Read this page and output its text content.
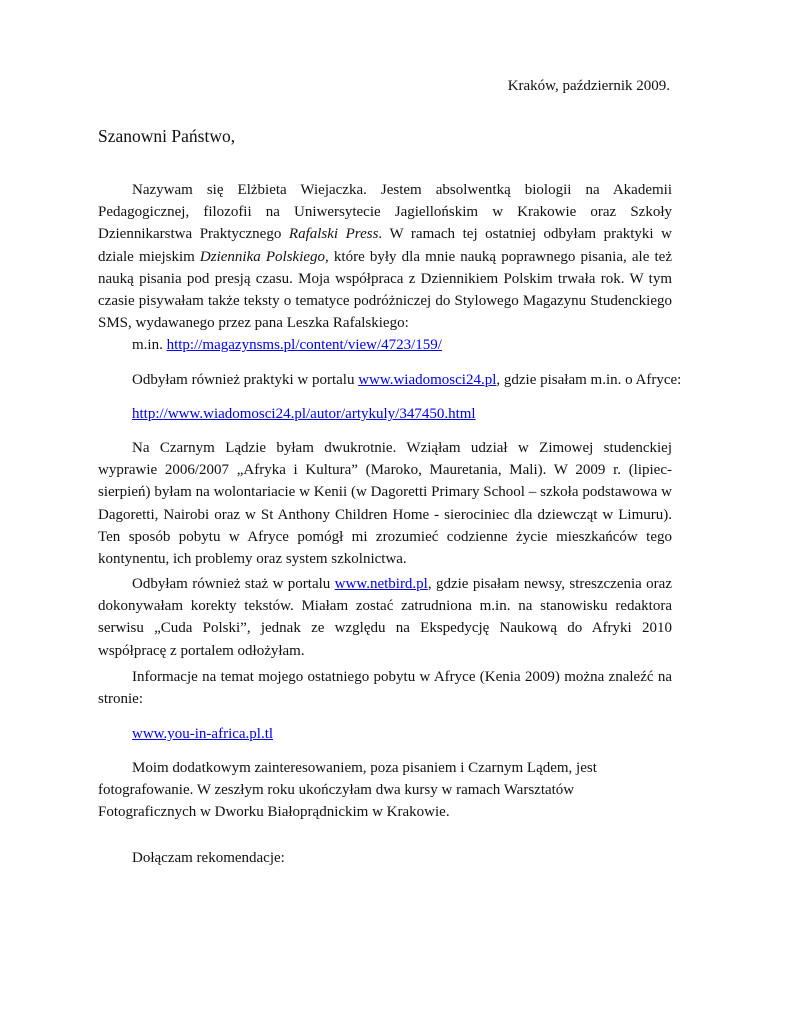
Kraków, październik 2009.
Szanowni Państwo,

Nazywam się Elżbieta Wiejaczka. Jestem absolwentką biologii na Akademii Pedagogicznej, filozofii na Uniwersytecie Jagiellońskim w Krakowie oraz Szkoły Dziennikarstwa Praktycznego Rafalski Press. W ramach tej ostatniej odbyłam praktyki w dziale miejskim Dziennika Polskiego, które były dla mnie nauką poprawnego pisania, ale też nauką pisania pod presją czasu. Moja współpraca z Dziennikiem Polskim trwała rok. W tym czasie pisywałam także teksty o tematyce podróżniczej do Stylowego Magazynu Studenckiego SMS, wydawanego przez pana Leszka Rafalskiego:

m.in. http://magazynsms.pl/content/view/4723/159/

Odbyłam również praktyki w portalu www.wiadomosci24.pl, gdzie pisałam m.in. o Afryce:

http://www.wiadomosci24.pl/autor/artykuly/347450.html

Na Czarnym Lądzie byłam dwukrotnie. Wziąłam udział w Zimowej studenckiej wyprawie 2006/2007 „Afryka i Kultura” (Maroko, Mauretania, Mali). W 2009 r. (lipiec-sierpień) byłam na wolontariacie w Kenii (w Dagoretti Primary School – szkoła podstawowa w Dagoretti, Nairobi oraz w St Anthony Children Home - sierociniec dla dziewcząt w Limuru). Ten sposób pobytu w Afryce pomógł mi zrozumieć codzienne życie mieszkańców tego kontynentu, ich problemy oraz system szkolnictwa.

Odbyłam również staż w portalu www.netbird.pl, gdzie pisałam newsy, streszczenia oraz dokonywałam korekty tekstów. Miałam zostać zatrudniona m.in. na stanowisku redaktora serwisu „Cuda Polski”, jednak ze względu na Ekspedycję Naukową do Afryki 2010 współpracę z portalem odłożyłam.

Informacje na temat mojego ostatniego pobytu w Afryce (Kenia 2009) można znaleźć na stronie:

www.you-in-africa.pl.tl

Moim dodatkowym zainteresowaniem, poza pisaniem i Czarnym Lądem, jest fotografowanie. W zeszłym roku ukończyłam dwa kursy w ramach Warsztatów Fotograficznych w Dworku Białoprądnickim w Krakowie.

Dołączam rekomendacje:
